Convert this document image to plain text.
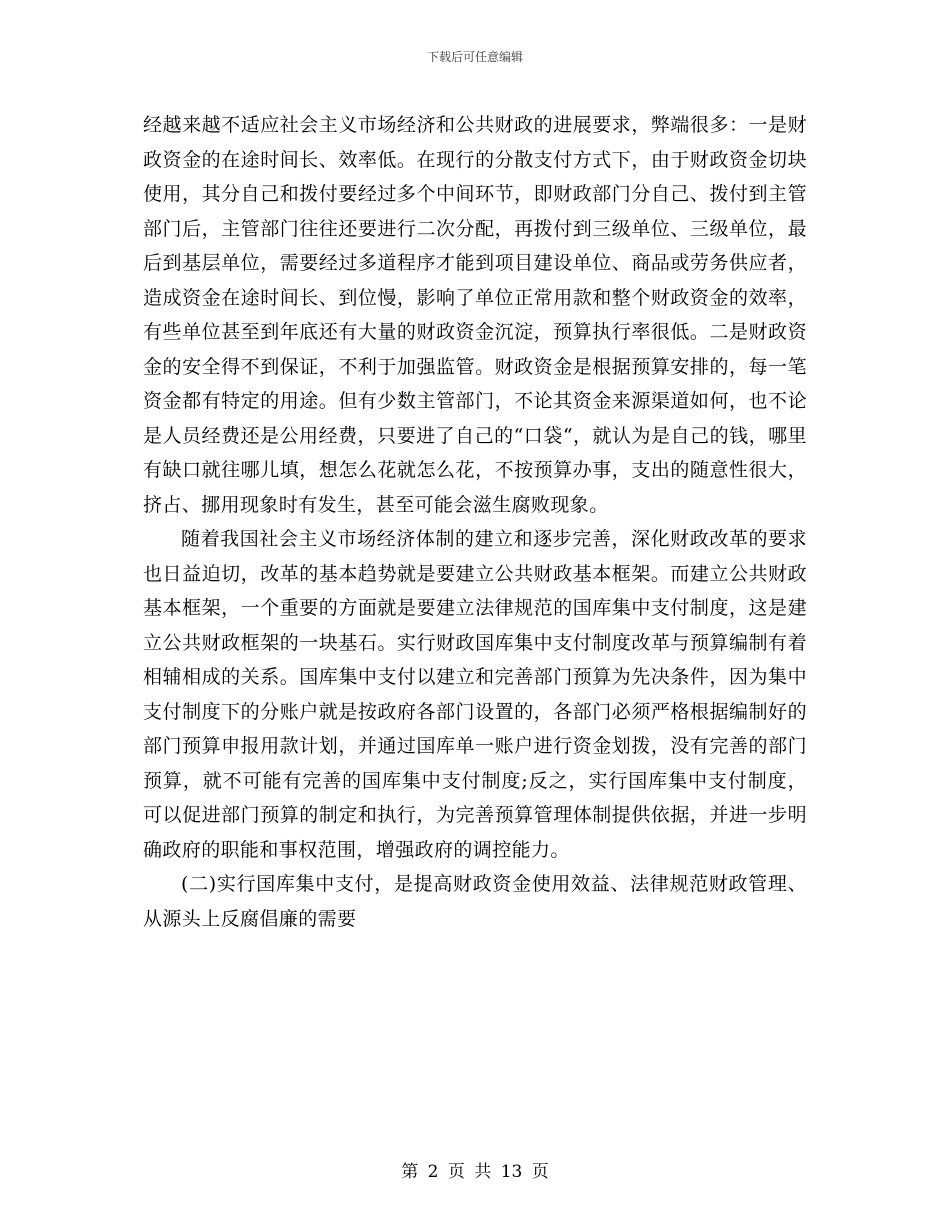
下载后可任意编辑

经越来越不适应社会主义市场经济和公共财政的进展要求，弊端很多：一是财政资金的在途时间长、效率低。在现行的分散支付方式下，由于财政资金切块使用，其分自己和拨付要经过多个中间环节，即财政部门分自己、拨付到主管部门后，主管部门往往还要进行二次分配，再拨付到三级单位、三级单位，最后到基层单位，需要经过多道程序才能到项目建设单位、商品或劳务供应者，造成资金在途时间长、到位慢，影响了单位正常用款和整个财政资金的效率，有些单位甚至到年底还有大量的财政资金沉淀，预算执行率很低。二是财政资金的安全得不到保证，不利于加强监管。财政资金是根据预算安排的，每一笔资金都有特定的用途。但有少数主管部门，不论其资金来源渠道如何，也不论是人员经费还是公用经费，只要进了自己的“口袋“，就认为是自己的钱，哪里有缺口就往哪儿填，想怎么花就怎么花，不按预算办事，支出的随意性很大，挤占、挪用现象时有发生，甚至可能会滋生腐败现象。

随着我国社会主义市场经济体制的建立和逐步完善，深化财政改革的要求也日益迫切，改革的基本趋势就是要建立公共财政基本框架。而建立公共财政基本框架，一个重要的方面就是要建立法律规范的国库集中支付制度，这是建立公共财政框架的一块基石。实行财政国库集中支付制度改革与预算编制有着相辅相成的关系。国库集中支付以建立和完善部门预算为先决条件，因为集中支付制度下的分账户就是按政府各部门设置的，各部门必须严格根据编制好的部门预算申报用款计划，并通过国库单一账户进行资金划拨，没有完善的部门预算，就不可能有完善的国库集中支付制度;反之，实行国库集中支付制度，可以促进部门预算的制定和执行，为完善预算管理体制提供依据，并进一步明确政府的职能和事权范围，增强政府的调控能力。

(二)实行国库集中支付，是提高财政资金使用效益、法律规范财政管理、从源头上反腐倡廉的需要

第 2 页 共 13 页
